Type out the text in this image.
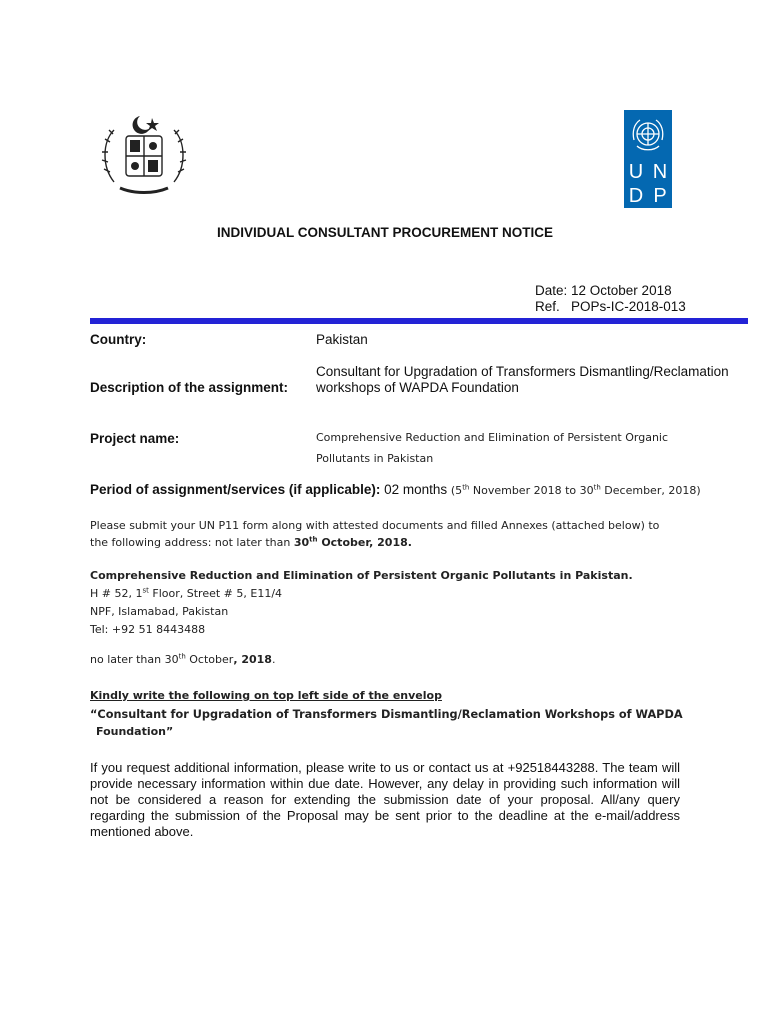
U N
D P
INDIVIDUAL CONSULTANT PROCUREMENT NOTICE
Date: 12 October 2018
Ref.   POPs-IC-2018-013
Country:	Pakistan
Description of the assignment:
Consultant for Upgradation of Transformers Dismantling/Reclamation
workshops of WAPDA Foundation
Project name:	Comprehensive Reduction and Elimination of Persistent Organic
Pollutants in Pakistan
Period of assignment/services (if applicable): 02 months (5th November 2018 to 30th December, 2018)
Please submit your UN P11 form along with attested documents and filled Annexes (attached below) to
the following address: not later than 30th October, 2018.
Comprehensive Reduction and Elimination of Persistent Organic Pollutants in Pakistan.
H # 52, 1st Floor, Street # 5, E11/4
NPF, Islamabad, Pakistan
Tel: +92 51 8443488
no later than 30th October, 2018.
Kindly write the following on top left side of the envelop
“Consultant for Upgradation of Transformers Dismantling/Reclamation Workshops of WAPDA
Foundation”
If you request additional information, please write to us or contact us at +92518443288. The team will provide necessary information within due date. However, any delay in providing such information will not be considered a reason for extending the submission date of your proposal. All/any query regarding the submission of the Proposal may be sent prior to the deadline at the e-mail/address mentioned above.
